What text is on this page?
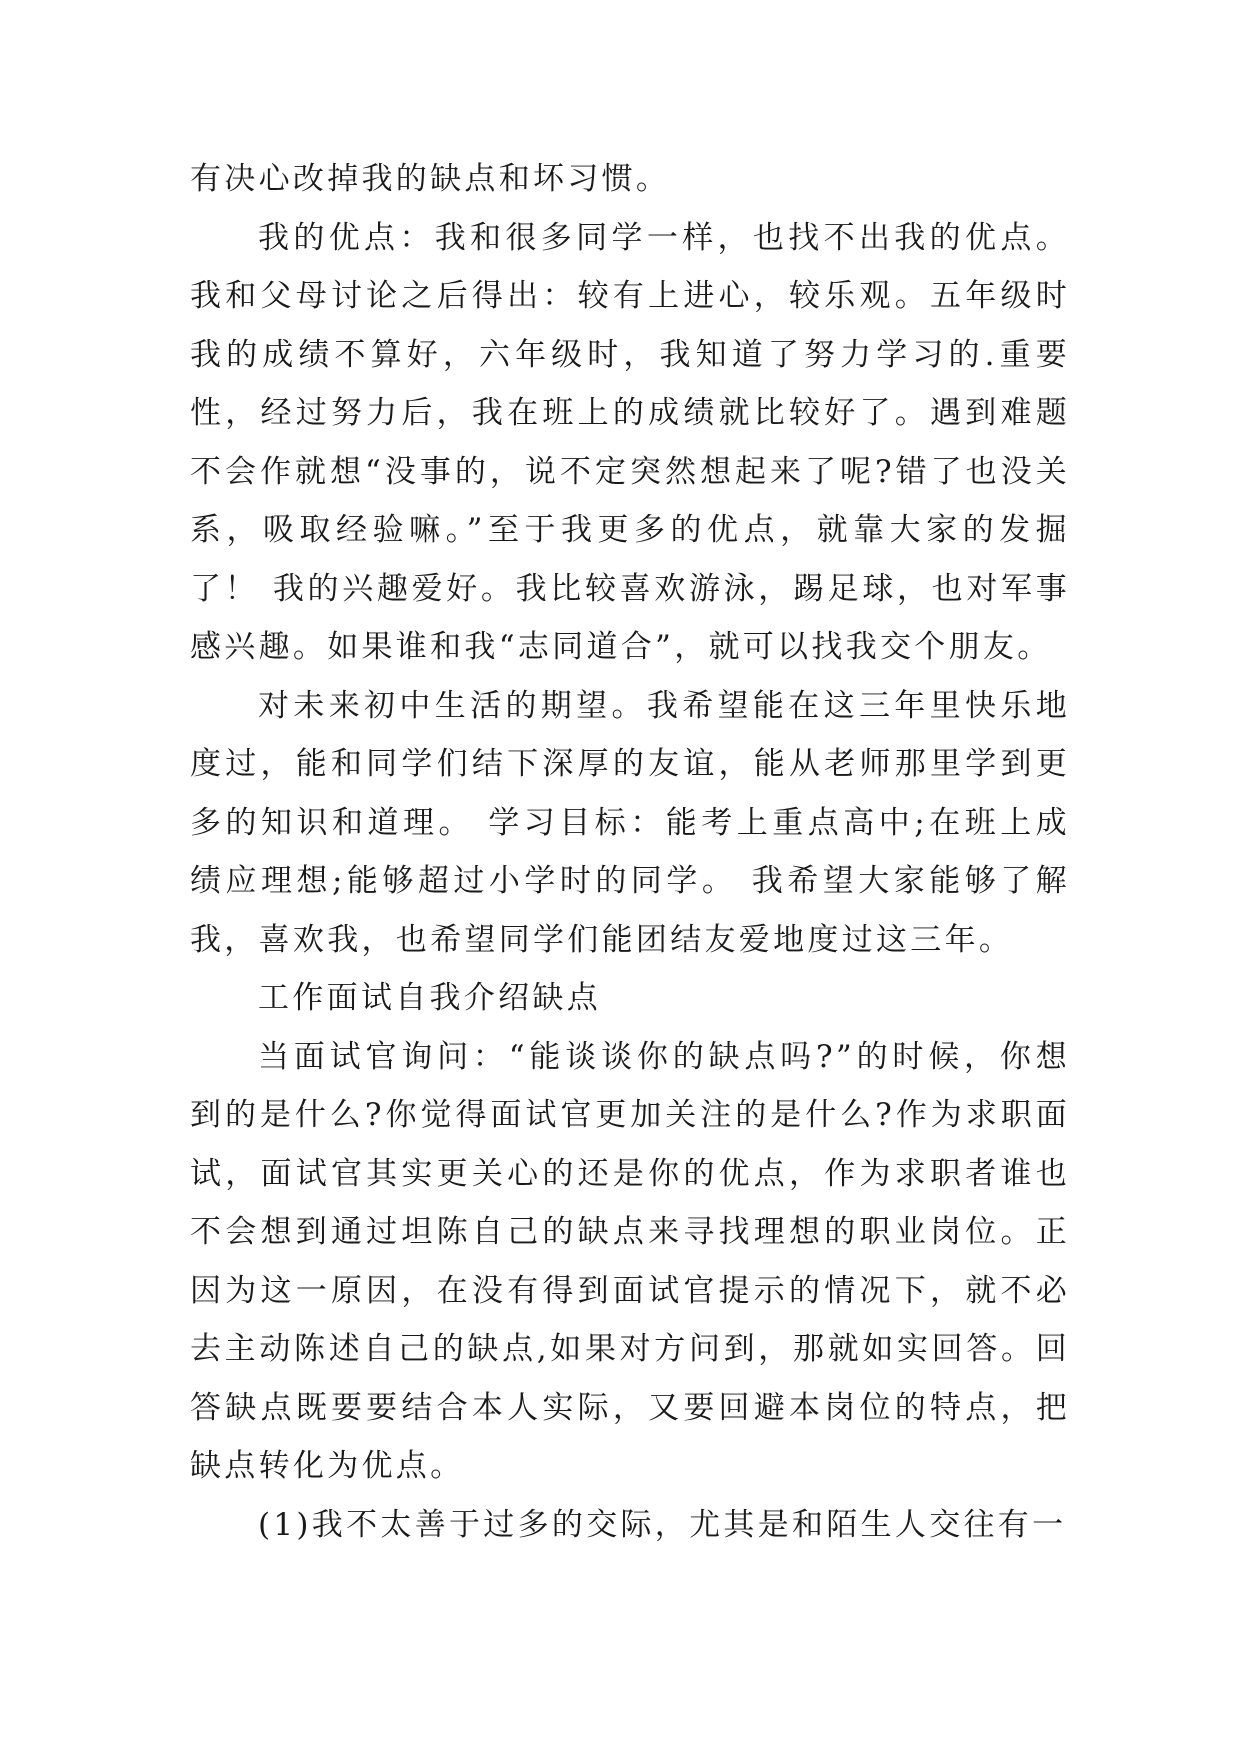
有决心改掉我的缺点和坏习惯。

我的优点：我和很多同学一样，也找不出我的优点。我和父母讨论之后得出：较有上进心，较乐观。五年级时我的成绩不算好，六年级时，我知道了努力学习的.重要性，经过努力后，我在班上的成绩就比较好了。遇到难题不会作就想“没事的，说不定突然想起来了呢?错了也没关系，吸取经验嘛。”至于我更多的优点，就靠大家的发掘了！ 我的兴趣爱好。我比较喜欢游泳，踢足球，也对军事感兴趣。如果谁和我“志同道合”，就可以找我交个朋友。

对未来初中生活的期望。我希望能在这三年里快乐地度过，能和同学们结下深厚的友谊，能从老师那里学到更多的知识和道理。 学习目标：能考上重点高中;在班上成绩应理想;能够超过小学时的同学。 我希望大家能够了解我，喜欢我，也希望同学们能团结友爱地度过这三年。

工作面试自我介绍缺点

当面试官询问：“能谈谈你的缺点吗?”的时候，你想到的是什么?你觉得面试官更加关注的是什么?作为求职面试，面试官其实更关心的还是你的优点，作为求职者谁也不会想到通过坦陈自己的缺点来寻找理想的职业岗位。正因为这一原因，在没有得到面试官提示的情况下，就不必去主动陈述自己的缺点,如果对方问到，那就如实回答。回答缺点既要要结合本人实际，又要回避本岗位的特点，把缺点转化为优点。

(1)我不太善于过多的交际，尤其是和陌生人交往有一
